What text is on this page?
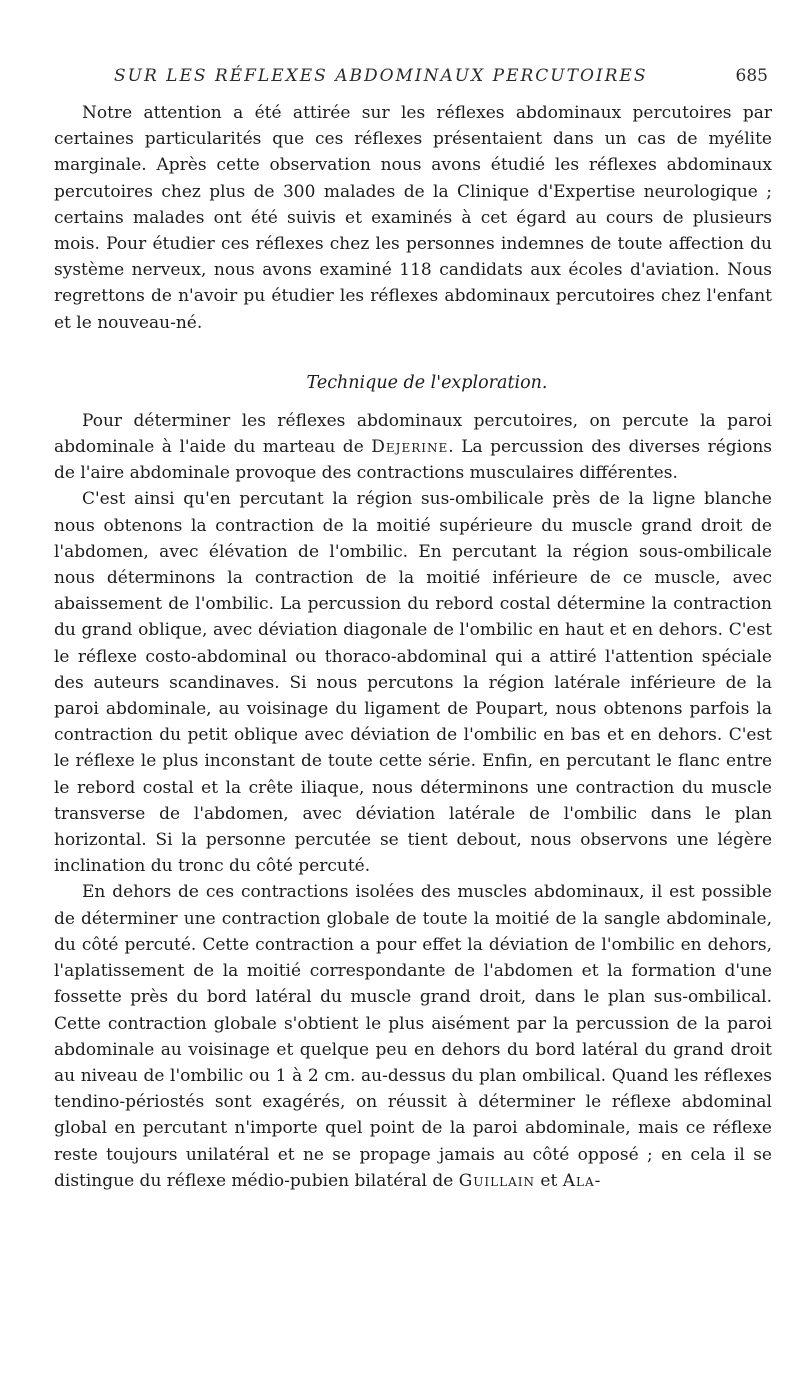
SUR LES RÉFLEXES ABDOMINAUX PERCUTOIRES	685

Notre attention a été attirée sur les réflexes abdominaux percutoires par certaines particularités que ces réflexes présentaient dans un cas de myélite marginale. Après cette observation nous avons étudié les réflexes abdominaux percutoires chez plus de 300 malades de la Clinique d'Expertise neurologique ; certains malades ont été suivis et examinés à cet égard au cours de plusieurs mois. Pour étudier ces réflexes chez les personnes indemnes de toute affection du système nerveux, nous avons examiné 118 candidats aux écoles d'aviation. Nous regrettons de n'avoir pu étudier les réflexes abdominaux percutoires chez l'enfant et le nouveau-né.

Technique de l'exploration.

Pour déterminer les réflexes abdominaux percutoires, on percute la paroi abdominale à l'aide du marteau de Dejerine. La percussion des diverses régions de l'aire abdominale provoque des contractions musculaires différentes.

C'est ainsi qu'en percutant la région sus-ombilicale près de la ligne blanche nous obtenons la contraction de la moitié supérieure du muscle grand droit de l'abdomen, avec élévation de l'ombilic. En percutant la région sous-ombilicale nous déterminons la contraction de la moitié inférieure de ce muscle, avec abaissement de l'ombilic. La percussion du rebord costal détermine la contraction du grand oblique, avec déviation diagonale de l'ombilic en haut et en dehors. C'est le réflexe costo-abdominal ou thoraco-abdominal qui a attiré l'attention spéciale des auteurs scandinaves. Si nous percutons la région latérale inférieure de la paroi abdominale, au voisinage du ligament de Poupart, nous obtenons parfois la contraction du petit oblique avec déviation de l'ombilic en bas et en dehors. C'est le réflexe le plus inconstant de toute cette série. Enfin, en percutant le flanc entre le rebord costal et la crête iliaque, nous déterminons une contraction du muscle transverse de l'abdomen, avec déviation latérale de l'ombilic dans le plan horizontal. Si la personne percutée se tient debout, nous observons une légère inclination du tronc du côté percuté.

En dehors de ces contractions isolées des muscles abdominaux, il est possible de déterminer une contraction globale de toute la moitié de la sangle abdominale, du côté percuté. Cette contraction a pour effet la déviation de l'ombilic en dehors, l'aplatissement de la moitié correspondante de l'abdomen et la formation d'une fossette près du bord latéral du muscle grand droit, dans le plan sus-ombilical. Cette contraction globale s'obtient le plus aisément par la percussion de la paroi abdominale au voisinage et quelque peu en dehors du bord latéral du grand droit au niveau de l'ombilic ou 1 à 2 cm. au-dessus du plan ombilical. Quand les réflexes tendino-périostés sont exagérés, on réussit à déterminer le réflexe abdominal global en percutant n'importe quel point de la paroi abdominale, mais ce réflexe reste toujours unilatéral et ne se propage jamais au côté opposé ; en cela il se distingue du réflexe médio-pubien bilatéral de Guillain et Ala-
